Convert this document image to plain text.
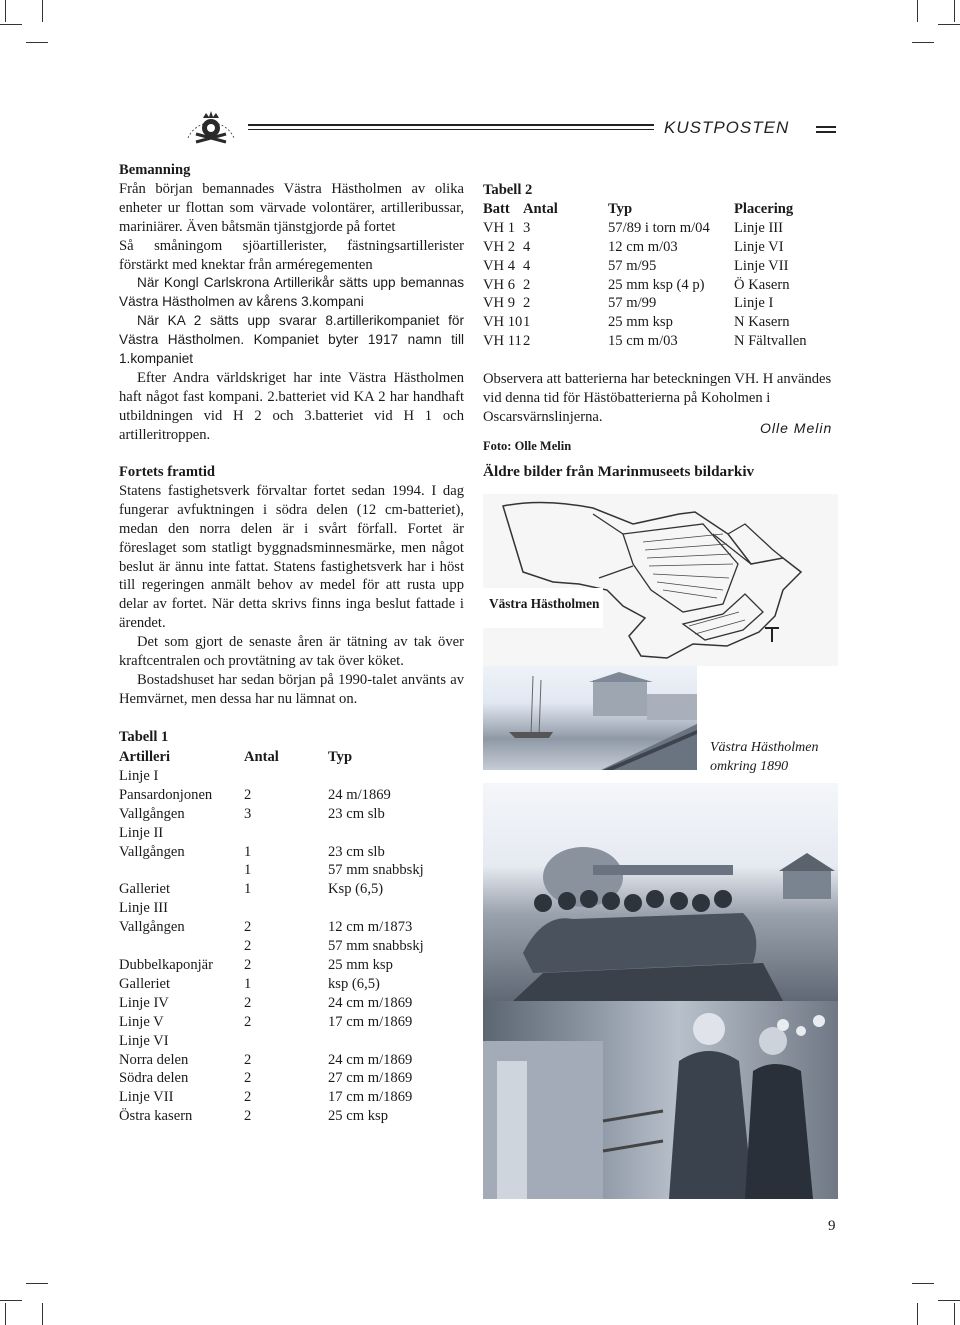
KUSTPOSTEN

Bemanning

Från början bemannades Västra Hästholmen av olika enheter ur flottan som värvade volontärer, artilleribussar, mariniärer. Även båtsmän tjänstgjorde på fortet

Så småningom sjöartillerister, fästningsartillerister förstärkt med knektar från arméregementen

När Kongl Carlskrona Artillerikår sätts upp bemannas Västra Hästholmen av kårens 3.kompani

När KA 2 sätts upp svarar 8.artillerikompaniet för Västra Hästholmen. Kompaniet byter 1917 namn till 1.kompaniet

Efter Andra världskriget har inte Västra Hästholmen haft något fast kompani. 2.batteriet vid KA 2 har handhaft utbildningen vid H 2 och 3.batteriet vid H 1 och artilleritroppen.

Fortets framtid

Statens fastighetsverk förvaltar fortet sedan 1994. I dag fungerar avfuktningen i södra delen (12 cm-batteriet), medan den norra delen är i svårt förfall. Fortet är föreslaget som statligt byggnadsminnesmärke, men något beslut är ännu inte fattat. Statens fastighetsverk har i höst till regeringen anmält behov av medel för att rusta upp delar av fortet. När detta skrivs finns inga beslut fattade i ärendet.

Det som gjort de senaste åren är tätning av tak över kraftcentralen och provtätning av tak över köket.

Bostadshuset har sedan början på 1990-talet använts av Hemvärnet, men dessa har nu lämnat on.

Tabell 1
Artilleri	Antal	Typ
Linje I		
Pansardonjonen	2	24 m/1869
Vallgången	3	23 cm slb
Linje II		
Vallgången	1	23 cm slb
	1	57 mm snabbskj
Galleriet	1	Ksp (6,5)
Linje III		
Vallgången	2	12 cm m/1873
	2	57 mm snabbskj
Dubbelkaponjär	2	25 mm ksp
Galleriet	1	ksp (6,5)
Linje IV	2	24 cm m/1869
Linje V	2	17 cm m/1869
Linje VI		
Norra delen	2	24 cm m/1869
Södra delen	2	27 cm m/1869
Linje VII	2	17 cm m/1869
Östra kasern	2	25 cm ksp
Tabell 2
Batt	Antal	Typ	Placering
VH 1	3	57/89 i torn m/04	Linje III
VH 2	4	12 cm m/03	Linje VI
VH 4	4	57 m/95	Linje VII
VH 6	2	25 mm ksp (4 p)	Ö Kasern
VH 9	2	57 m/99	Linje I
VH 10	1	25 mm ksp	N Kasern
VH 11	2	15 cm m/03	N Fältvallen
Observera att batterierna har beteckningen VH. H användes vid denna tid för Hästöbatterierna på Koholmen i Oscarsvärnslinjerna.
Olle Melin
Foto: Olle Melin
Äldre bilder från Marinmuseets bildarkiv
Västra Hästholmen
Västra Hästholmen omkring 1890
9
